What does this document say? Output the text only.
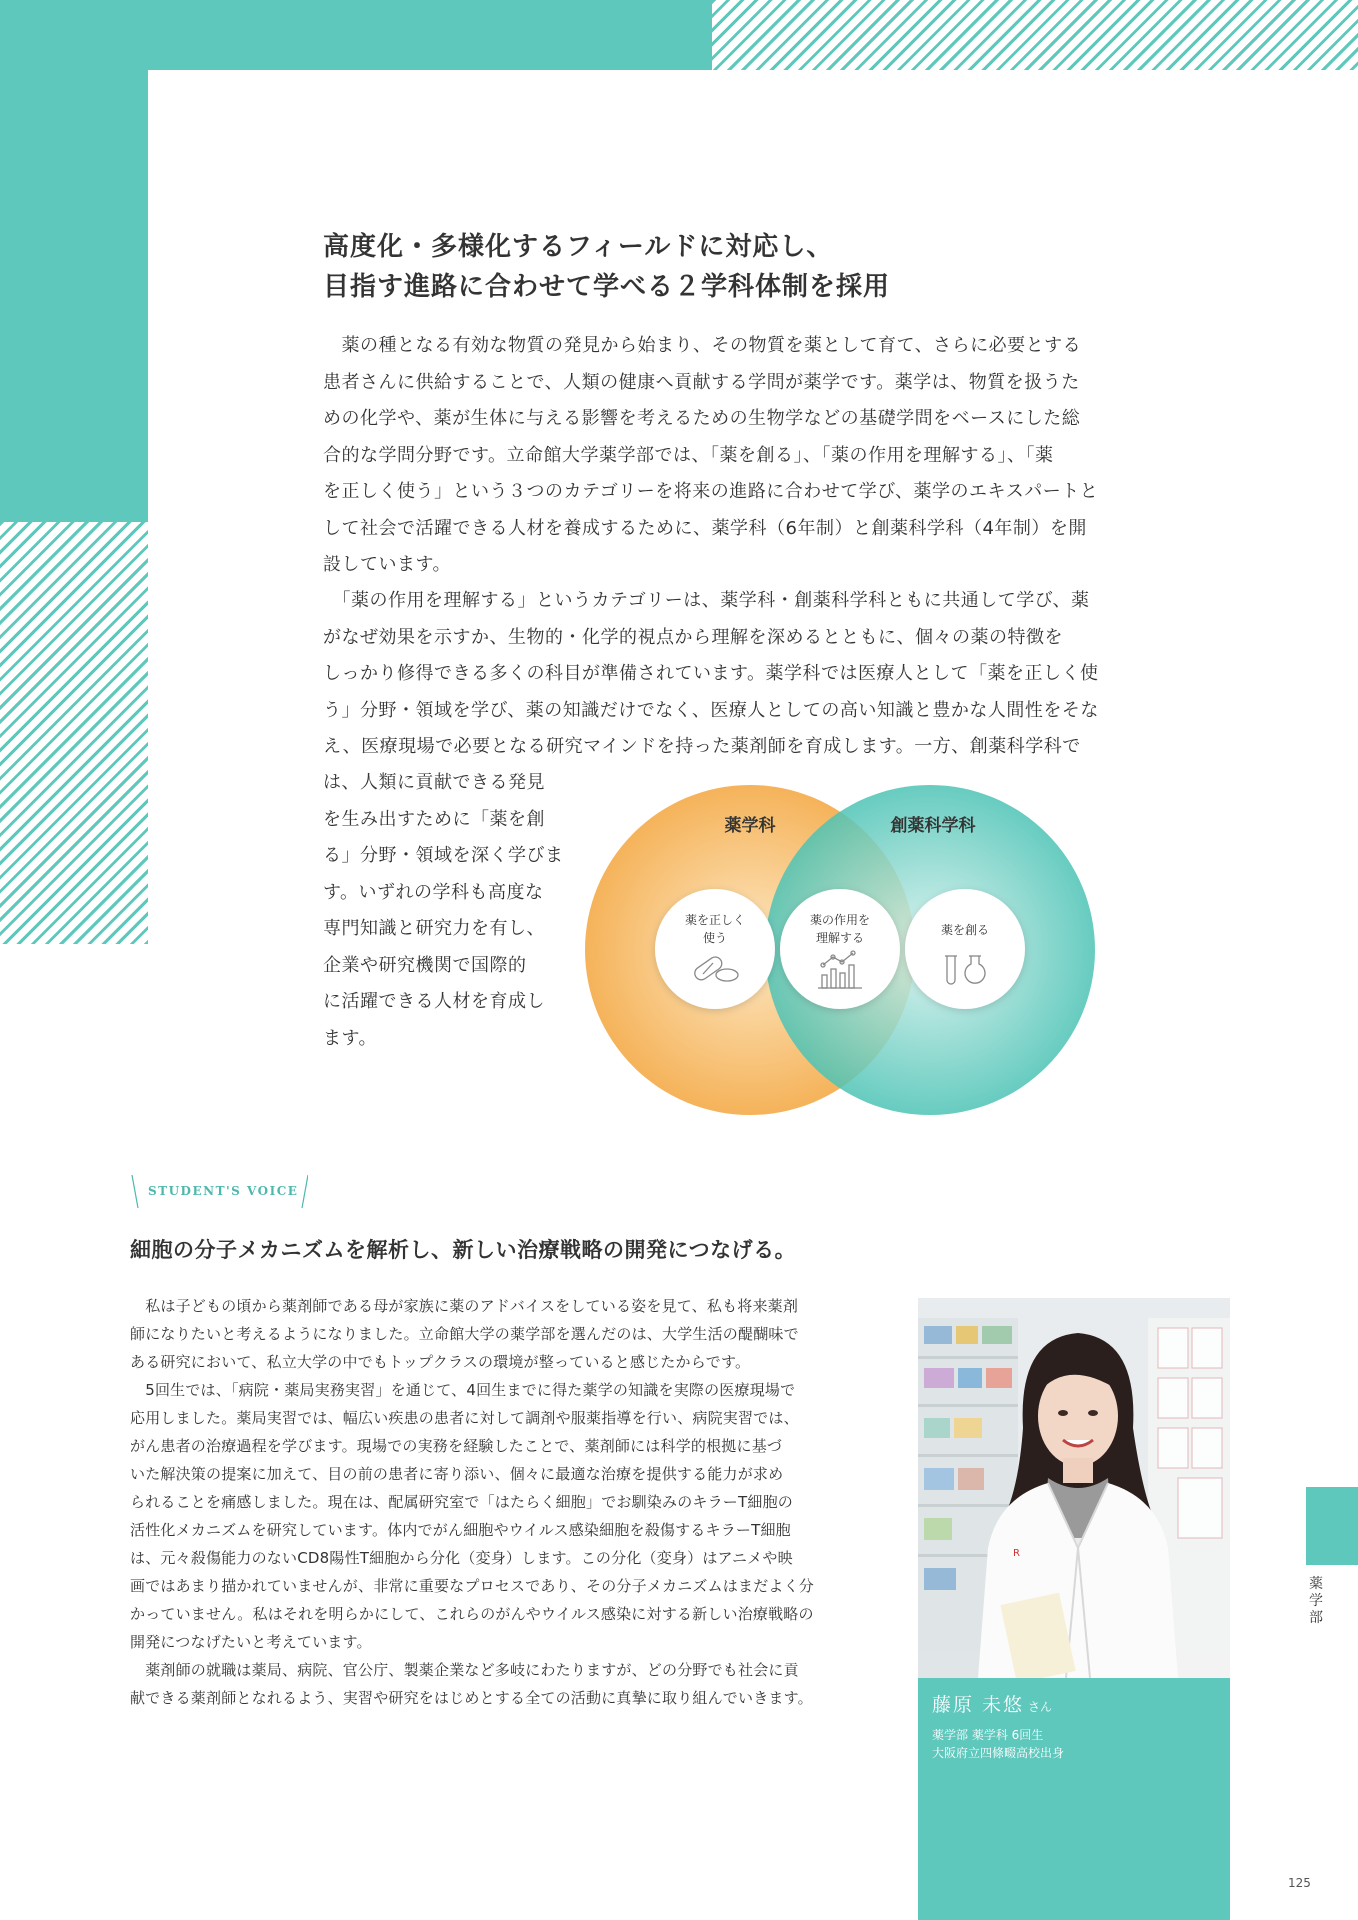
高度化・多様化するフィールドに対応し、
目指す進路に合わせて学べる２学科体制を採用
　薬の種となる有効な物質の発見から始まり、その物質を薬として育て、さらに必要とする
患者さんに供給することで、人類の健康へ貢献する学問が薬学です。薬学は、物質を扱うた
めの化学や、薬が生体に与える影響を考えるための生物学などの基礎学問をベースにした総
合的な学問分野です。立命館大学薬学部では、「薬を創る」、「薬の作用を理解する」、「薬
を正しく使う」という３つのカテゴリーを将来の進路に合わせて学び、薬学のエキスパートと
して社会で活躍できる人材を養成するために、薬学科（6年制）と創薬科学科（4年制）を開
設しています。
　「薬の作用を理解する」というカテゴリーは、薬学科・創薬科学科ともに共通して学び、薬
がなぜ効果を示すか、生物的・化学的視点から理解を深めるとともに、個々の薬の特徴を
しっかり修得できる多くの科目が準備されています。薬学科では医療人として「薬を正しく使
う」分野・領域を学び、薬の知識だけでなく、医療人としての高い知識と豊かな人間性をそな
え、医療現場で必要となる研究マインドを持った薬剤師を育成します。一方、創薬科学科で
は、人類に貢献できる発見
を生み出すために「薬を創
る」分野・領域を深く学びま
す。いずれの学科も高度な
専門知識と研究力を有し、
企業や研究機関で国際的
に活躍できる人材を育成し
ます。
薬学科	創薬科学科
薬を正しく
使う
薬の作用を
理解する
薬を創る
STUDENT'S VOICE
細胞の分子メカニズムを解析し、新しい治療戦略の開発につなげる。
　私は子どもの頃から薬剤師である母が家族に薬のアドバイスをしている姿を見て、私も将来薬剤
師になりたいと考えるようになりました。立命館大学の薬学部を選んだのは、大学生活の醍醐味で
ある研究において、私立大学の中でもトップクラスの環境が整っていると感じたからです。
　5回生では、「病院・薬局実務実習」を通じて、4回生までに得た薬学の知識を実際の医療現場で
応用しました。薬局実習では、幅広い疾患の患者に対して調剤や服薬指導を行い、病院実習では、
がん患者の治療過程を学びます。現場での実務を経験したことで、薬剤師には科学的根拠に基づ
いた解決策の提案に加えて、目の前の患者に寄り添い、個々に最適な治療を提供する能力が求め
られることを痛感しました。現在は、配属研究室で「はたらく細胞」でお馴染みのキラーT細胞の
活性化メカニズムを研究しています。体内でがん細胞やウイルス感染細胞を殺傷するキラーT細胞
は、元々殺傷能力のないCD8陽性T細胞から分化（変身）します。この分化（変身）はアニメや映
画ではあまり描かれていませんが、非常に重要なプロセスであり、その分子メカニズムはまだよく分
かっていません。私はそれを明らかにして、これらのがんやウイルス感染に対する新しい治療戦略の
開発につなげたいと考えています。
　薬剤師の就職は薬局、病院、官公庁、製薬企業など多岐にわたりますが、どの分野でも社会に貢
献できる薬剤師となれるよう、実習や研究をはじめとする全ての活動に真摯に取り組んでいきます。
R
藤原 未悠 さん
薬学部 薬学科 6回生
大阪府立四條畷高校出身
薬
学
部
125
